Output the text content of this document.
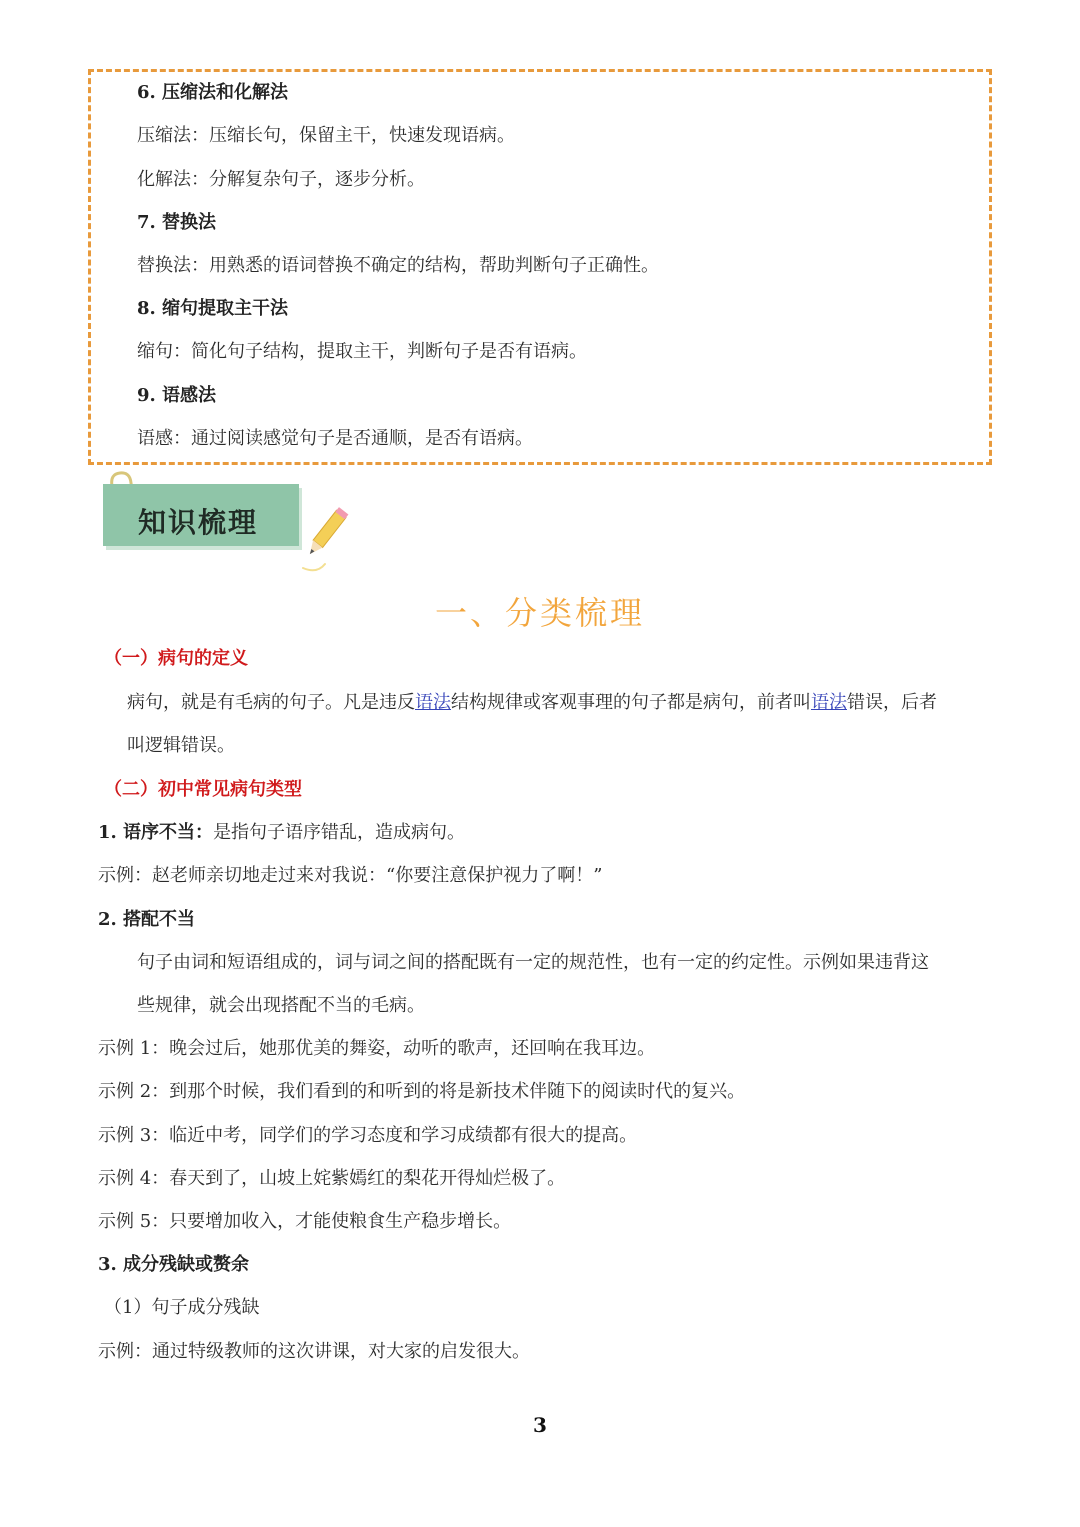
6. 压缩法和化解法
压缩法：压缩长句，保留主干，快速发现语病。
化解法：分解复杂句子，逐步分析。
7. 替换法
替换法：用熟悉的语词替换不确定的结构，帮助判断句子正确性。
8. 缩句提取主干法
缩句：简化句子结构，提取主干，判断句子是否有语病。
9. 语感法
语感：通过阅读感觉句子是否通顺，是否有语病。
知识梳理
一、分类梳理
（一）病句的定义
病句，就是有毛病的句子。凡是违反语法结构规律或客观事理的句子都是病句，前者叫语法错误，后者
叫逻辑错误。
（二）初中常见病句类型
1. 语序不当：是指句子语序错乱，造成病句。
示例：赵老师亲切地走过来对我说：“你要注意保护视力了啊！”
2. 搭配不当
句子由词和短语组成的，词与词之间的搭配既有一定的规范性，也有一定的约定性。示例如果违背这
些规律，就会出现搭配不当的毛病。
示例 1：晚会过后，她那优美的舞姿，动听的歌声，还回响在我耳边。
示例 2：到那个时候，我们看到的和听到的将是新技术伴随下的阅读时代的复兴。
示例 3：临近中考，同学们的学习态度和学习成绩都有很大的提高。
示例 4：春天到了，山坡上姹紫嫣红的梨花开得灿烂极了。
示例 5：只要增加收入，才能使粮食生产稳步增长。
3. 成分残缺或赘余
（1）句子成分残缺
示例：通过特级教师的这次讲课，对大家的启发很大。
3
